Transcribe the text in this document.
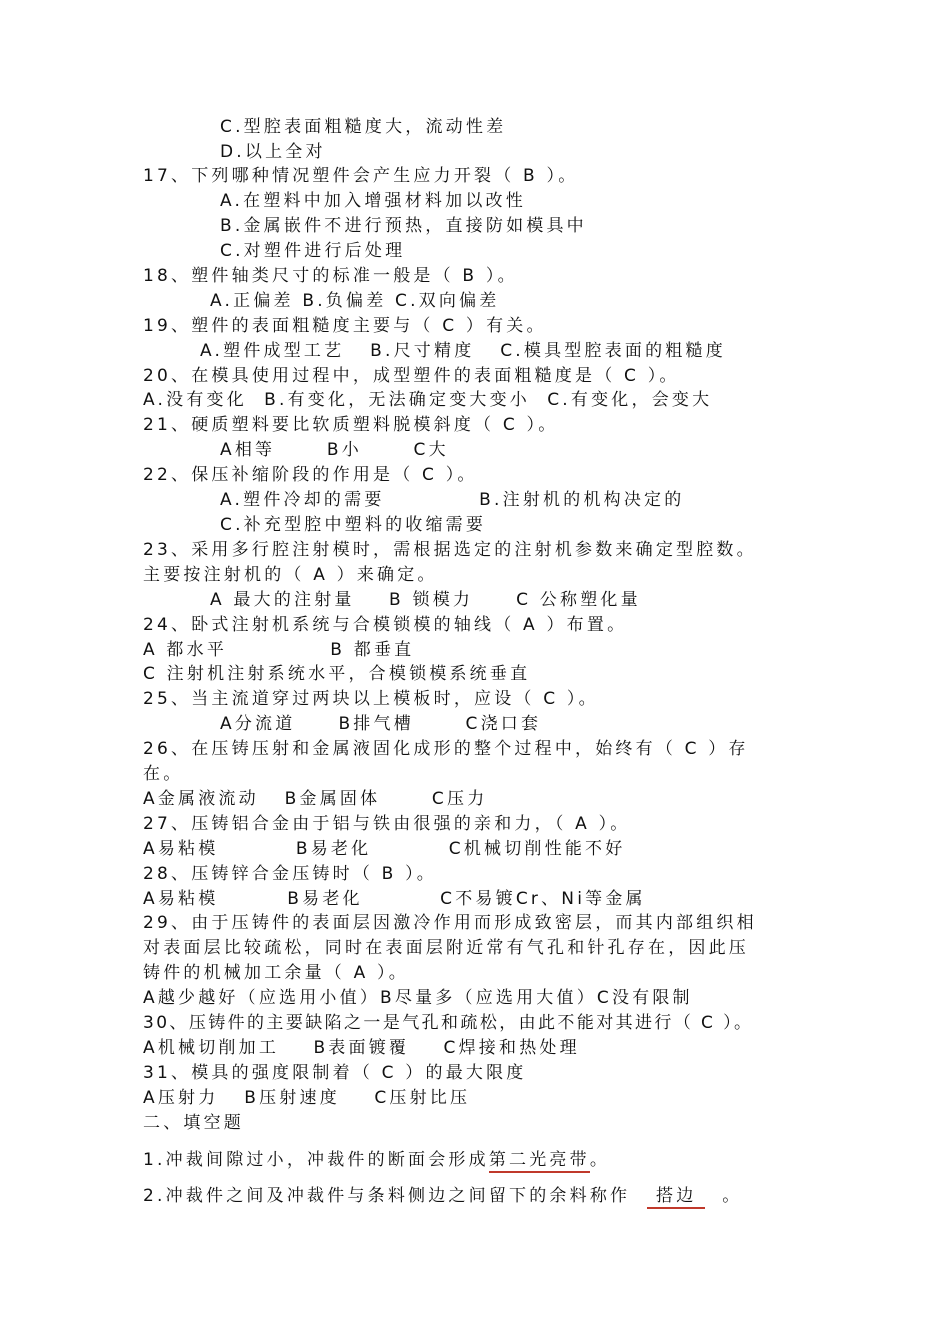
C.型腔表面粗糙度大，流动性差
D.以上全对
17、下列哪种情况塑件会产生应力开裂（ B ）。
A.在塑料中加入增强材料加以改性
B.金属嵌件不进行预热，直接防如模具中
C.对塑件进行后处理
18、塑件轴类尺寸的标准一般是（ B ）。
A.正偏差 B.负偏差 C.双向偏差
19、塑件的表面粗糙度主要与（ C ）有关。
A.塑件成型工艺   B.尺寸精度   C.模具型腔表面的粗糙度
20、在模具使用过程中，成型塑件的表面粗糙度是（ C ）。
A.没有变化  B.有变化，无法确定变大变小  C.有变化，会变大
21、硬质塑料要比软质塑料脱模斜度（ C ）。
A相等      B小      C大
22、保压补缩阶段的作用是（ C ）。
A.塑件冷却的需要           B.注射机的机构决定的
C.补充型腔中塑料的收缩需要
23、采用多行腔注射模时，需根据选定的注射机参数来确定型腔数。
主要按注射机的（ A ）来确定。
A 最大的注射量    B 锁模力     C 公称塑化量
24、卧式注射机系统与合模锁模的轴线（ A ）布置。
A 都水平            B 都垂直
C 注射机注射系统水平，合模锁模系统垂直
25、当主流道穿过两块以上模板时，应设（ C ）。
A分流道     B排气槽      C浇口套
26、在压铸压射和金属液固化成形的整个过程中，始终有（ C ）存
在。
A金属液流动   B金属固体      C压力
27、压铸铝合金由于铝与铁由很强的亲和力，（ A ）。
A易粘模         B易老化         C机械切削性能不好
28、压铸锌合金压铸时（ B ）。
A易粘模        B易老化         C不易镀Cr、Ni等金属
29、由于压铸件的表面层因激冷作用而形成致密层，而其内部组织相
对表面层比较疏松，同时在表面层附近常有气孔和针孔存在，因此压
铸件的机械加工余量（ A ）。
A越少越好（应选用小值）B尽量多（应选用大值）C没有限制
30、压铸件的主要缺陷之一是气孔和疏松，由此不能对其进行（ C ）。
A机械切削加工    B表面镀覆    C焊接和热处理
31、模具的强度限制着（ C ）的最大限度
A压射力   B压射速度    C压射比压
二、填空题
1.冲裁间隙过小，冲裁件的断面会形成第二光亮带。
2.冲裁件之间及冲裁件与条料侧边之间留下的余料称作   搭边   。
